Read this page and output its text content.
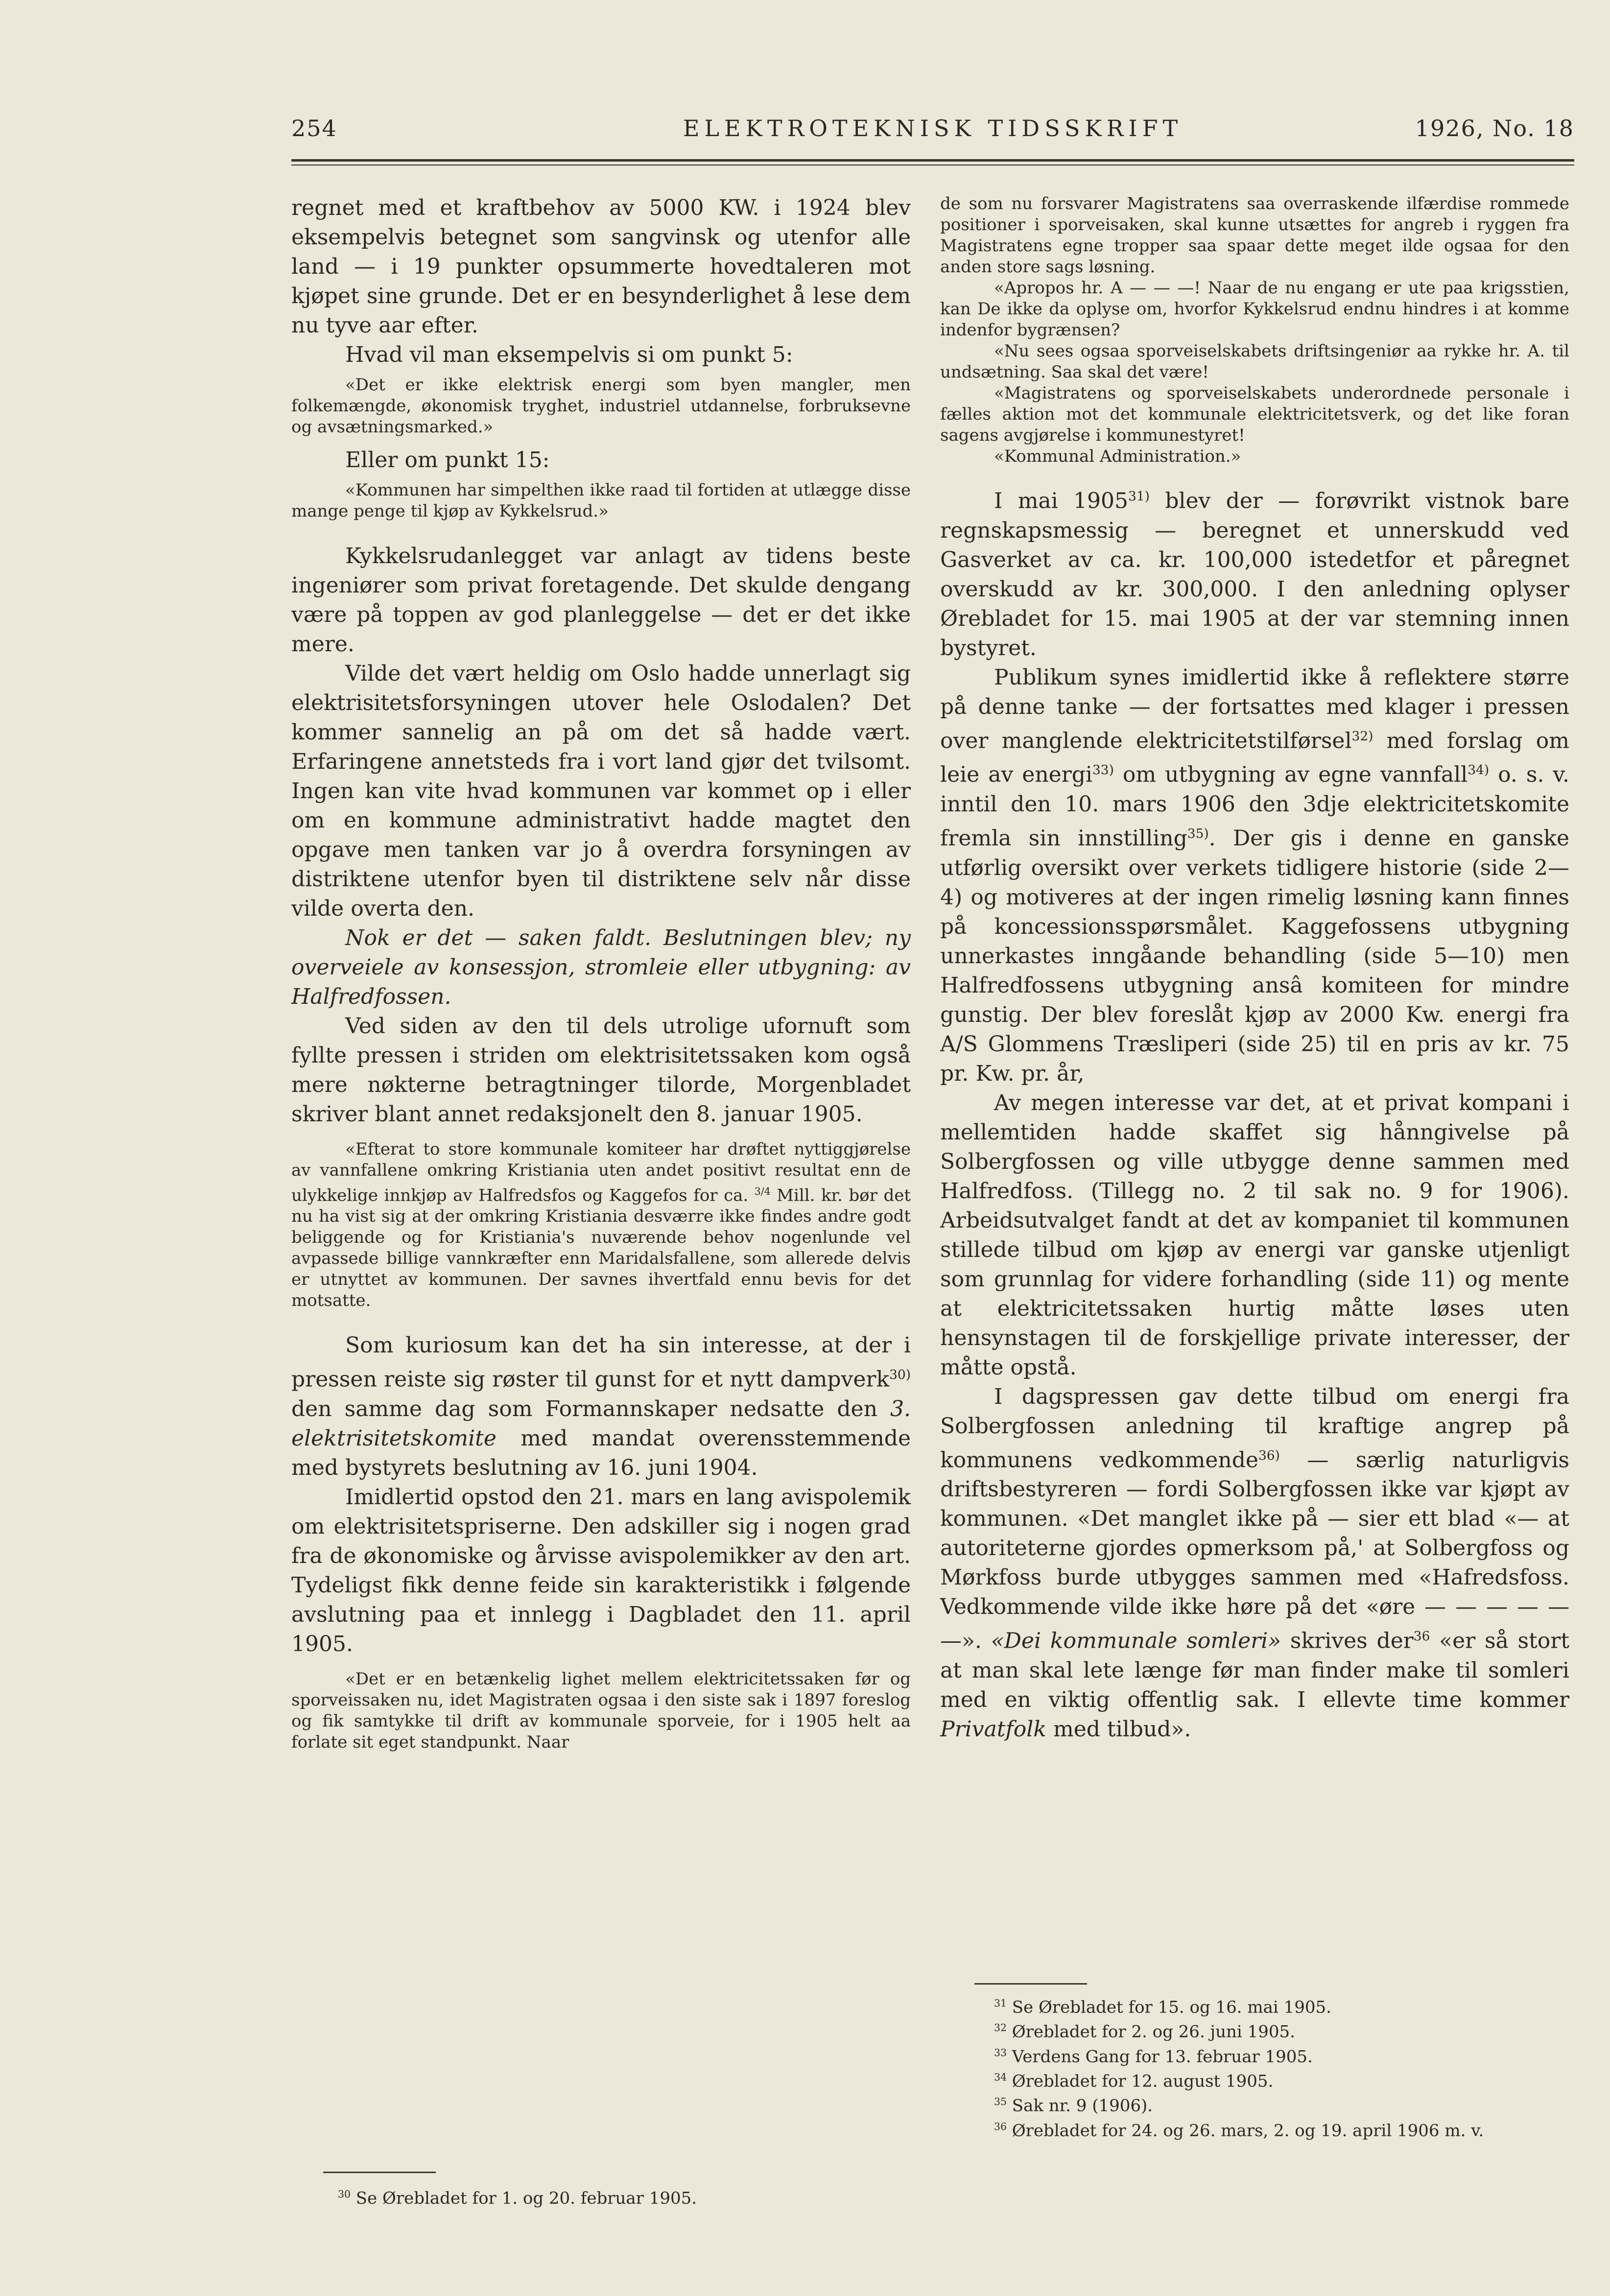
254	ELEKTROTEKNISK TIDSSKRIFT	1926, No. 18

regnet med et kraftbehov av 5000 KW. i 1924 blev eksempelvis betegnet som sangvinsk og utenfor alle land — i 19 punkter opsummerte hovedtaleren mot kjøpet sine grunde. Det er en besynderlighet å lese dem nu tyve aar efter.

Hvad vil man eksempelvis si om punkt 5:

«Det er ikke elektrisk energi som byen mangler, men folkemængde, økonomisk tryghet, industriel utdannelse, forbruksevne og avsætningsmarked.»

Eller om punkt 15:

«Kommunen har simpelthen ikke raad til fortiden at utlægge disse mange penge til kjøp av Kykkelsrud.»

Kykkelsrudanlegget var anlagt av tidens beste ingeniører som privat foretagende. Det skulde dengang være på toppen av god planleggelse — det er det ikke mere.

Vilde det vært heldig om Oslo hadde unnerlagt sig elektrisitetsforsyningen utover hele Oslodalen? Det kommer sannelig an på om det så hadde vært. Erfaringene annetsteds fra i vort land gjør det tvilsomt. Ingen kan vite hvad kommunen var kommet op i eller om en kommune administrativt hadde magtet den opgave men tanken var jo å overdra forsyningen av distriktene utenfor byen til distriktene selv når disse vilde overta den.

Nok er det — saken faldt. Beslutningen blev; ny overveiele av konsessjon, stromleie eller utbygning: av Halfredfossen.

Ved siden av den til dels utrolige ufornuft som fyllte pressen i striden om elektrisitetssaken kom også mere nøkterne betragtninger tilorde, Morgenbladet skriver blant annet redaksjonelt den 8. januar 1905.

«Efterat to store kommunale komiteer har drøftet nyttiggjørelse av vannfallene omkring Kristiania uten andet positivt resultat enn de ulykkelige innkjøp av Halfredsfos og Kaggefos for ca. $^{3/4}$ Mill. kr. bør det nu ha vist sig at der omkring Kristiania desværre ikke findes andre godt beliggende og for Kristiania's nuværende behov nogenlunde vel avpassede billige vannkræfter enn Maridalsfallene, som allerede delvis er utnyttet av kommunen. Der savnes ihvertfald ennu bevis for det motsatte.

Som kuriosum kan det ha sin interesse, at der i pressen reiste sig røster til gunst for et nytt dampverk$^{30)}$ den samme dag som Formannskaper nedsatte den 3. elektrisitetskomite med mandat overensstemmende med bystyrets beslutning av 16. juni 1904.

Imidlertid opstod den 21. mars en lang avispolemik om elektrisitetspriserne. Den adskiller sig i nogen grad fra de økonomiske og årvisse avispolemikker av den art. Tydeligst fikk denne feide sin karakteristikk i følgende avslutning paa et innlegg i Dagbladet den 11. april 1905.

«Det er en betænkelig lighet mellem elektricitetssaken før og sporveissaken nu, idet Magistraten ogsaa i den siste sak i 1897 foreslog og fik samtykke til drift av kommunale sporveie, for i 1905 helt aa forlate sit eget standpunkt. Naar

$^{30}$ Se Ørebladet for 1. og 20. februar 1905.

de som nu forsvarer Magistratens saa overraskende ilfærdise rommede positioner i sporveisaken, skal kunne utsættes for angreb i ryggen fra Magistratens egne tropper saa spaar dette meget ilde ogsaa for den anden store sags løsning.

«Apropos hr. A — — —! Naar de nu engang er ute paa krigsstien, kan De ikke da oplyse om, hvorfor Kykkelsrud endnu hindres i at komme indenfor bygrænsen?

«Nu sees ogsaa sporveiselskabets driftsingeniør aa rykke hr. A. til undsætning. Saa skal det være!

«Magistratens og sporveiselskabets underordnede personale i fælles aktion mot det kommunale elektricitetsverk, og det like foran sagens avgjørelse i kommunestyret!

«Kommunal Administration.»

I mai 1905$^{31)}$ blev der — forøvrikt vistnok bare regnskapsmessig — beregnet et unnerskudd ved Gasverket av ca. kr. 100,000 istedetfor et påregnet overskudd av kr. 300,000. I den anledning oplyser Ørebladet for 15. mai 1905 at der var stemning innen bystyret.

Publikum synes imidlertid ikke å reflektere større på denne tanke — der fortsattes med klager i pressen over manglende elektricitetstilførsel$^{32)}$ med forslag om leie av energi$^{33)}$ om utbygning av egne vannfall$^{34)}$ o. s. v. inntil den 10. mars 1906 den 3dje elektricitetskomite fremla sin innstilling$^{35)}$. Der gis i denne en ganske utførlig oversikt over verkets tidligere historie (side 2—4) og motiveres at der ingen rimelig løsning kann finnes på koncessionsspørsmålet. Kaggefossens utbygning unnerkastes inngåande behandling (side 5—10) men Halfredfossens utbygning ansâ komiteen for mindre gunstig. Der blev foreslåt kjøp av 2000 Kw. energi fra A/S Glommens Træsliperi (side 25) til en pris av kr. 75 pr. Kw. pr. år,

Av megen interesse var det, at et privat kompani i mellemtiden hadde skaffet sig hånngivelse på Solbergfossen og ville utbygge denne sammen med Halfredfoss. (Tillegg no. 2 til sak no. 9 for 1906). Arbeidsutvalget fandt at det av kompaniet til kommunen stillede tilbud om kjøp av energi var ganske utjenligt som grunnlag for videre forhandling (side 11) og mente at elektricitetssaken hurtig måtte løses uten hensynstagen til de forskjellige private interesser, der måtte opstå.

I dagspressen gav dette tilbud om energi fra Solbergfossen anledning til kraftige angrep på kommunens vedkommende$^{36)}$ — særlig naturligvis driftsbestyreren — fordi Solbergfossen ikke var kjøpt av kommunen. «Det manglet ikke på — sier ett blad «— at autoriteterne gjordes opmerksom på,' at Solbergfoss og Mørkfoss burde utbygges sammen med «Hafredsfoss. Vedkommende vilde ikke høre på det «øre — — — — — —». «Dei kommunale somleri» skrives der$^{36}$ «er så stort at man skal lete længe før man finder make til somleri med en viktig offentlig sak. I ellevte time kommer Privatfolk med tilbud».

$^{31}$ Se Ørebladet for 15. og 16. mai 1905.
$^{32}$ Ørebladet for 2. og 26. juni 1905.
$^{33}$ Verdens Gang for 13. februar 1905.
$^{34}$ Ørebladet for 12. august 1905.
$^{35}$ Sak nr. 9 (1906).
$^{36}$ Ørebladet for 24. og 26. mars, 2. og 19. april 1906 m. v.
